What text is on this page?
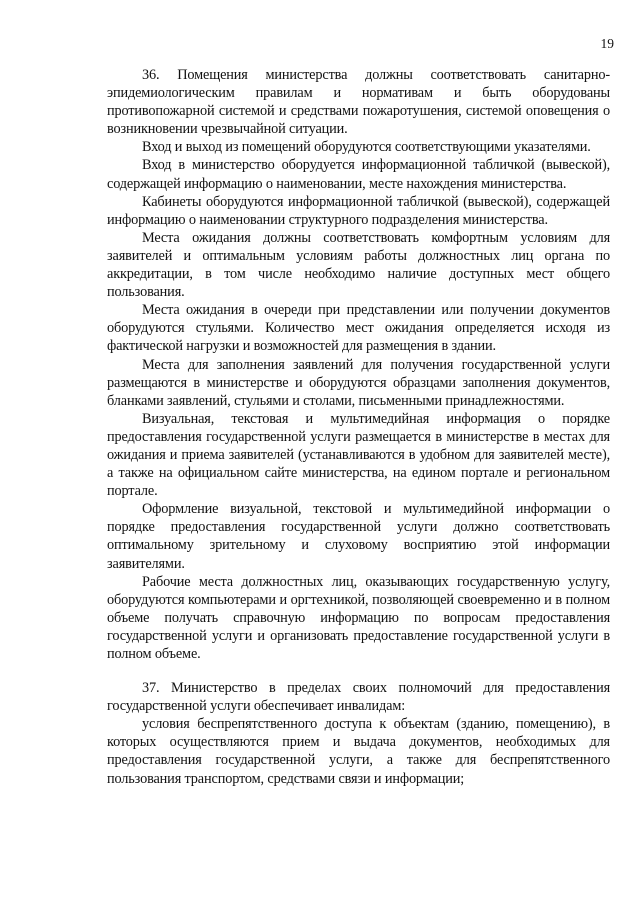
19

36. Помещения министерства должны соответствовать санитарно-эпидемиологическим правилам и нормативам и быть оборудованы противопожарной системой и средствами пожаротушения, системой оповещения о возникновении чрезвычайной ситуации.

Вход и выход из помещений оборудуются соответствующими указателями.

Вход в министерство оборудуется информационной табличкой (вывеской), содержащей информацию о наименовании, месте нахождения министерства.

Кабинеты оборудуются информационной табличкой (вывеской), содержащей информацию о наименовании структурного подразделения министерства.

Места ожидания должны соответствовать комфортным условиям для заявителей и оптимальным условиям работы должностных лиц органа по аккредитации, в том числе необходимо наличие доступных мест общего пользования.

Места ожидания в очереди при представлении или получении документов оборудуются стульями. Количество мест ожидания определяется исходя из фактической нагрузки и возможностей для размещения в здании.

Места для заполнения заявлений для получения государственной услуги размещаются в министерстве и оборудуются образцами заполнения документов, бланками заявлений, стульями и столами, письменными принадлежностями.

Визуальная, текстовая и мультимедийная информация о порядке предоставления государственной услуги размещается в министерстве в местах для ожидания и приема заявителей (устанавливаются в удобном для заявителей месте), а также на официальном сайте министерства, на едином портале и региональном портале.

Оформление визуальной, текстовой и мультимедийной информации о порядке предоставления государственной услуги должно соответствовать оптимальному зрительному и слуховому восприятию этой информации заявителями.

Рабочие места должностных лиц, оказывающих государственную услугу, оборудуются компьютерами и оргтехникой, позволяющей своевременно и в полном объеме получать справочную информацию по вопросам предоставления государственной услуги и организовать предоставление государственной услуги в полном объеме.

37. Министерство в пределах своих полномочий для предоставления государственной услуги обеспечивает инвалидам:

условия беспрепятственного доступа к объектам (зданию, помещению), в которых осуществляются прием и выдача документов, необходимых для предоставления государственной услуги, а также для беспрепятственного пользования транспортом, средствами связи и информации;
